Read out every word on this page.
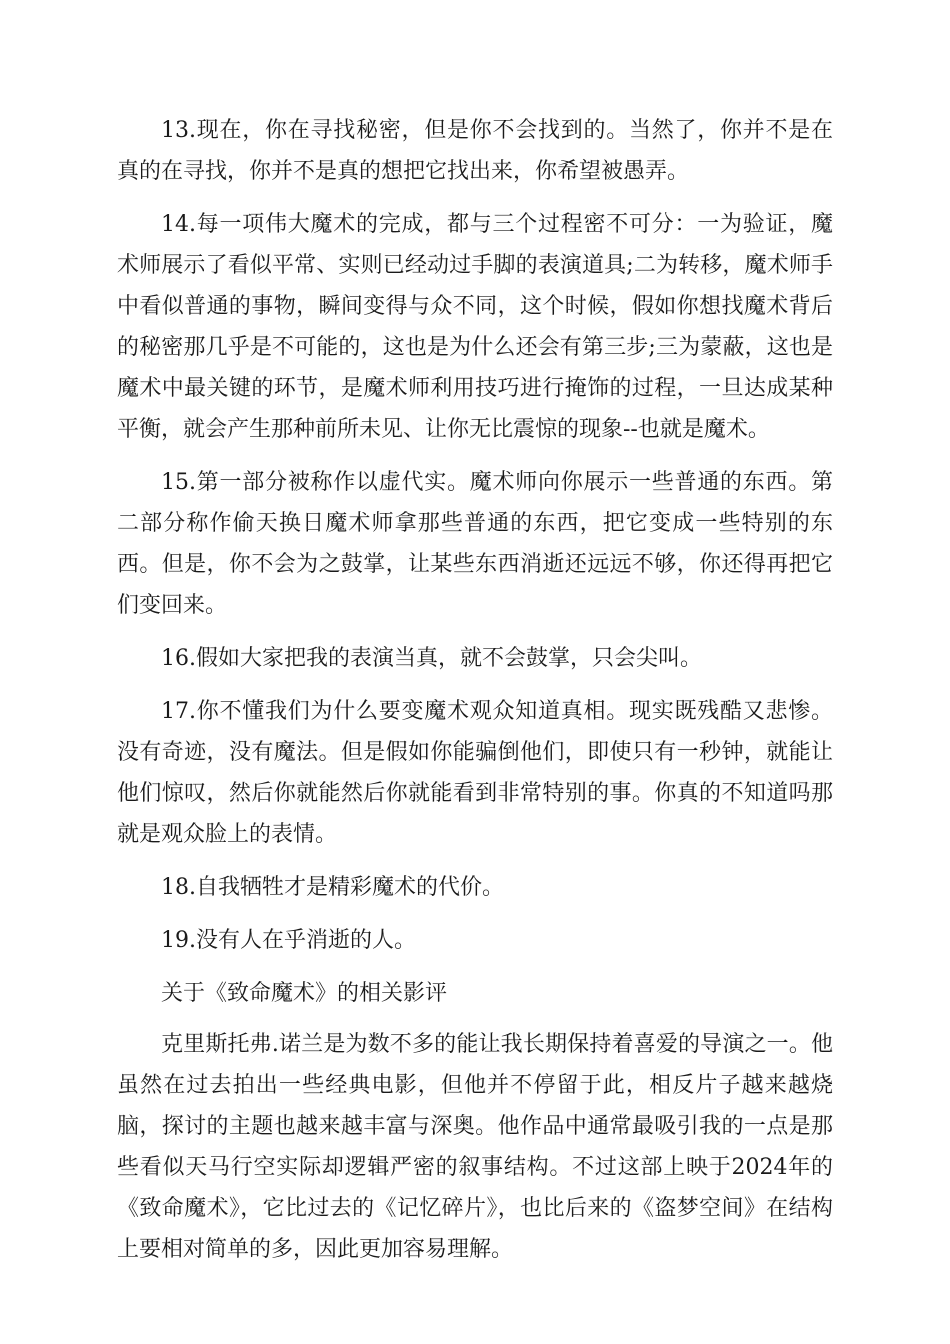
13.现在，你在寻找秘密，但是你不会找到的。当然了，你并不是在真的在寻找，你并不是真的想把它找出来，你希望被愚弄。

14.每一项伟大魔术的完成，都与三个过程密不可分：一为验证，魔术师展示了看似平常、实则已经动过手脚的表演道具;二为转移，魔术师手中看似普通的事物，瞬间变得与众不同，这个时候，假如你想找魔术背后的秘密那几乎是不可能的，这也是为什么还会有第三步;三为蒙蔽，这也是魔术中最关键的环节，是魔术师利用技巧进行掩饰的过程，一旦达成某种平衡，就会产生那种前所未见、让你无比震惊的现象--也就是魔术。

15.第一部分被称作以虚代实。魔术师向你展示一些普通的东西。第二部分称作偷天换日魔术师拿那些普通的东西，把它变成一些特别的东西。但是，你不会为之鼓掌，让某些东西消逝还远远不够，你还得再把它们变回来。

16.假如大家把我的表演当真，就不会鼓掌，只会尖叫。

17.你不懂我们为什么要变魔术观众知道真相。现实既残酷又悲惨。没有奇迹，没有魔法。但是假如你能骗倒他们，即使只有一秒钟，就能让他们惊叹，然后你就能然后你就能看到非常特别的事。你真的不知道吗那就是观众脸上的表情。

18.自我牺牲才是精彩魔术的代价。

19.没有人在乎消逝的人。

关于《致命魔术》的相关影评

克里斯托弗.诺兰是为数不多的能让我长期保持着喜爱的导演之一。他虽然在过去拍出一些经典电影，但他并不停留于此，相反片子越来越烧脑，探讨的主题也越来越丰富与深奥。他作品中通常最吸引我的一点是那些看似天马行空实际却逻辑严密的叙事结构。不过这部上映于2024年的《致命魔术》，它比过去的《记忆碎片》，也比后来的《盗梦空间》在结构上要相对简单的多，因此更加容易理解。
